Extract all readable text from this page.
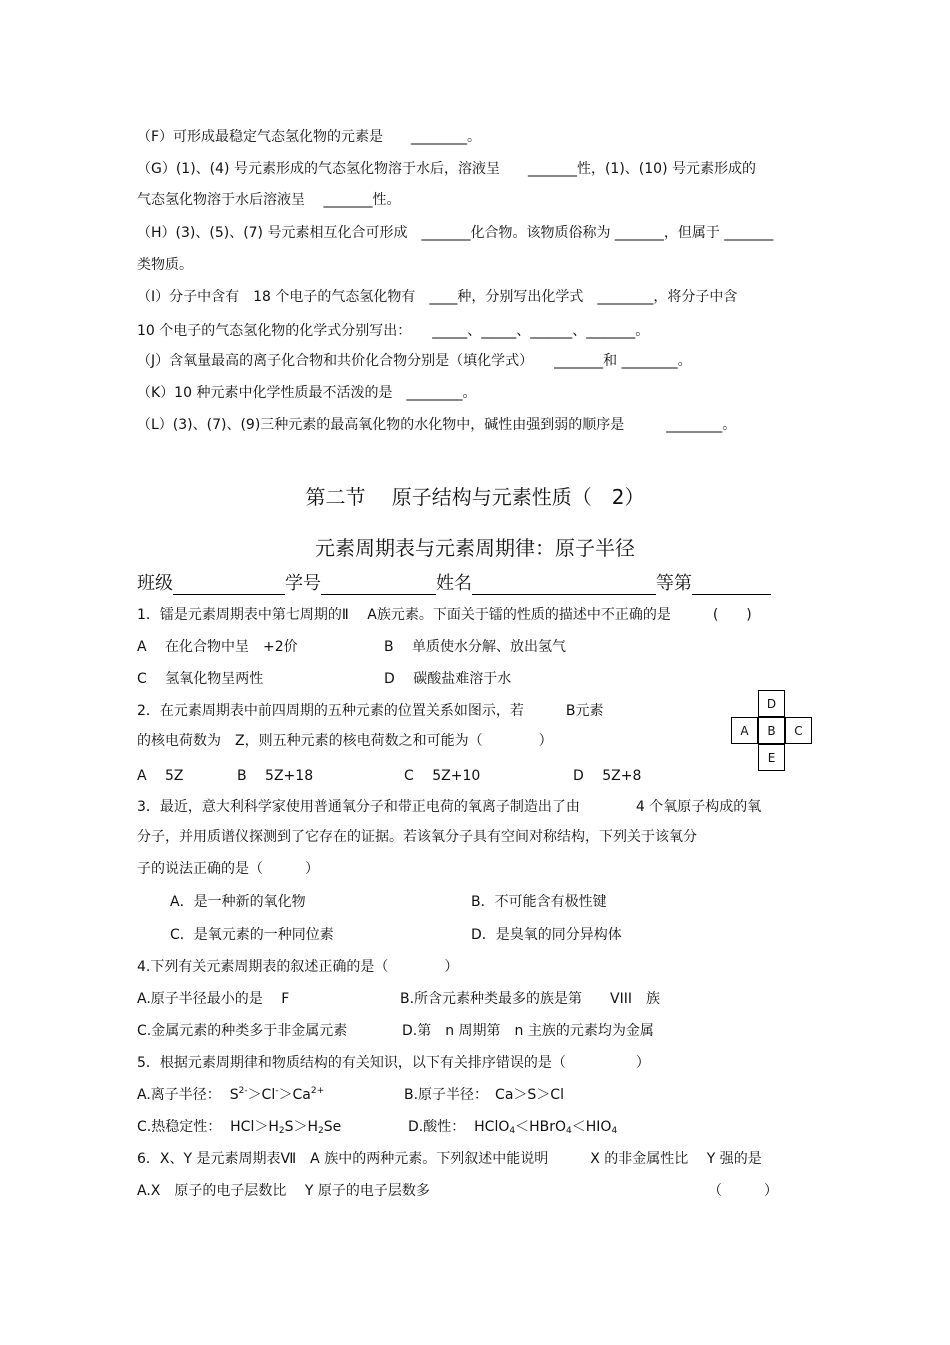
（F）可形成最稳定气态氢化物的元素是　　________。
（G）(1)、(4) 号元素形成的气态氢化物溶于水后，溶液呈　　_______性，(1)、(10) 号元素形成的
气态氢化物溶于水后溶液呈　 _______性。
（H）(3)、(5)、(7) 号元素相互化合可形成　_______化合物。该物质俗称为 _______，但属于 _______
类物质。
（I）分子中含有　18 个电子的气态氢化物有　____种，分别写出化学式　________，将分子中含
10 个电子的气态氢化物的化学式分别写出：　　_____、_____、______、_______。
（J）含氧量最高的离子化合物和共价化合物分别是（填化学式）　　_______和 ________。
（K）10 种元素中化学性质最不活泼的是　________。
（L）(3)、(7)、(9)三种元素的最高氧化物的水化物中，碱性由强到弱的顺序是　　　________。
第二节　 原子结构与元素性质（　2）
元素周期表与元素周期律：原子半径
班级	学号	姓名	等第
1．镭是元素周期表中第七周期的Ⅱ　 A族元素。下面关于镭的性质的描述中不正确的是　　　(　　)
A　 在化合物中呈　+2价	B　 单质使水分解、放出氢气
C　 氢氧化物呈两性	D　 碳酸盐难溶于水
2．在元素周期表中前四周期的五种元素的位置关系如图示，若　　　B元素
的核电荷数为　Z，则五种元素的核电荷数之和可能为（　　　　）
A　 5Z	B　 5Z+18	C　 5Z+10	D　 5Z+8
D
A	B	C
E
3．最近，意大利科学家使用普通氧分子和带正电荷的氧离子制造出了由　　　　4 个氧原子构成的氧
分子，并用质谱仪探测到了它存在的证据。若该氧分子具有空间对称结构，下列关于该氧分
子的说法正确的是（　　　）
A．是一种新的氧化物	B．不可能含有极性键
C．是氧元素的一种同位素	D．是臭氧的同分异构体
4.下列有关元素周期表的叙述正确的是（　　　　）
A.原子半径最小的是　 F	B.所含元素种类最多的族是第　　VIII　族
C.金属元素的种类多于非金属元素	D.第　n 周期第　n 主族的元素均为金属
5．根据元素周期律和物质结构的有关知识，以下有关排序错误的是（　　　　　）
A.离子半径： $S^{2-}>Cl^->Ca^{2+}$	B.原子半径：　Ca＞S＞Cl
C.热稳定性： $HCl>H_2S>H_2Se$	D.酸性： $HClO_4<HBrO_4<HIO_4$
6．X、Y 是元素周期表Ⅶ　A 族中的两种元素。下列叙述中能说明　　　X 的非金属性比　 Y 强的是
A.X　原子的电子层数比　 Y 原子的电子层数多	（　　　）
